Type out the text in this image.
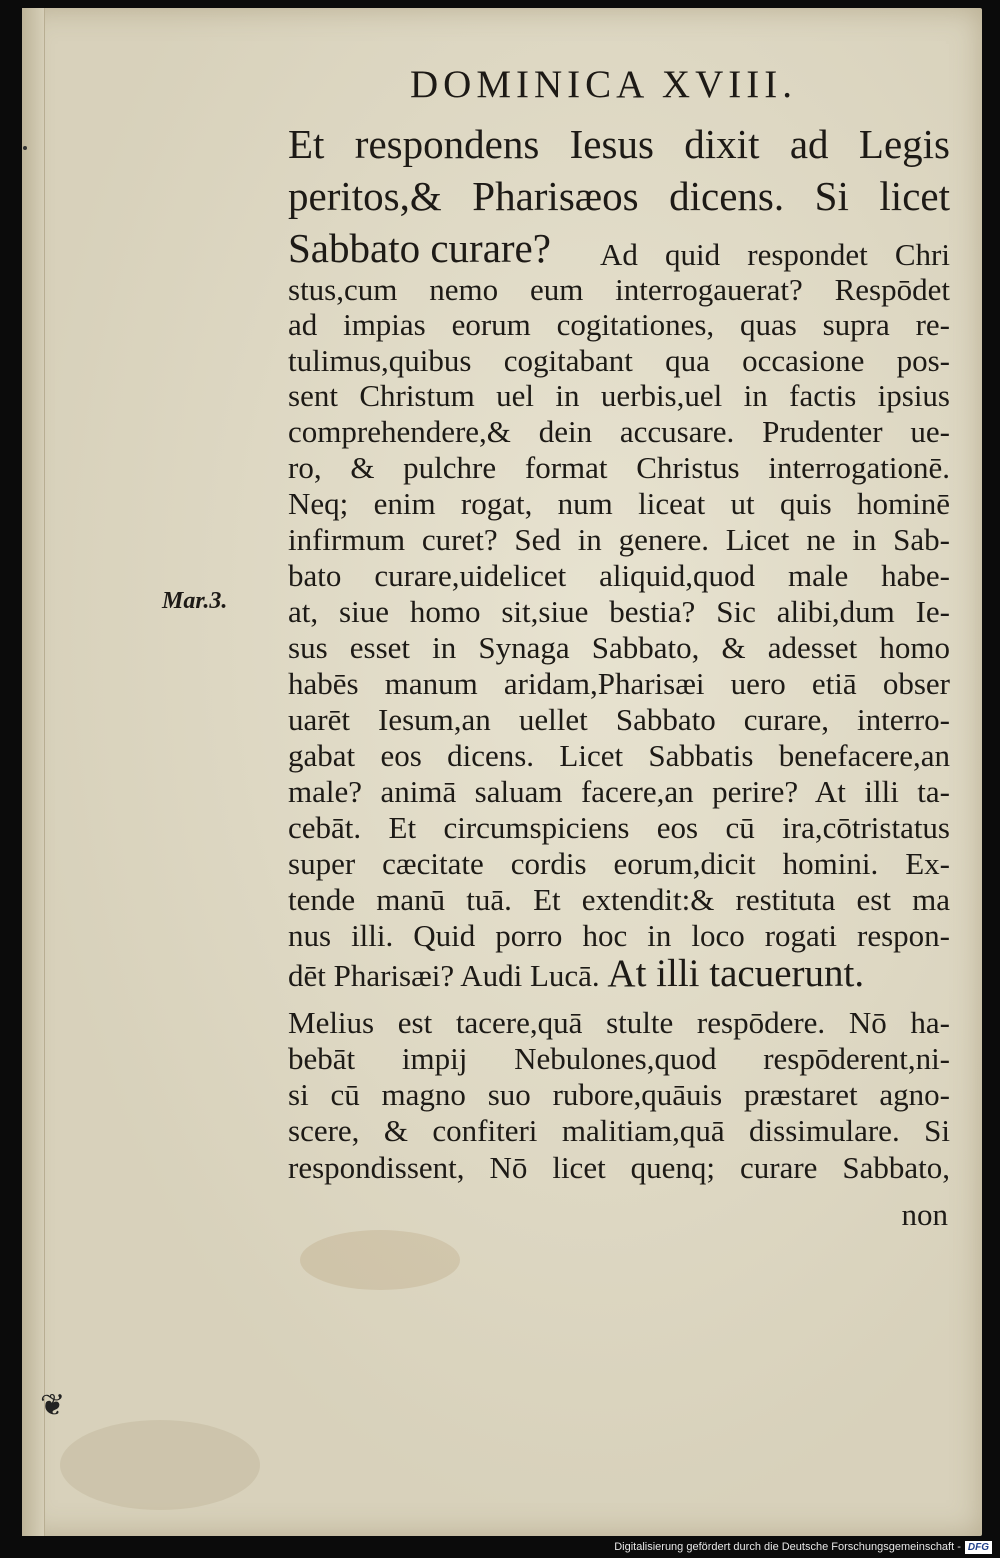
❦
DOMINICA XVIII.

Et respondens Iesus dixit ad Legis peritos,& Pharisæos dicens. Si licet Sabbato curare?	Ad quid respondet Chri

stus,cum nemo eum interrogauerat? Respōdet

ad impias eorum cogitationes, quas supra re-

tulimus,quibus cogitabant qua occasione pos-

sent Christum uel in uerbis,uel in factis ipsius

comprehendere,& dein accusare. Prudenter ue-

ro, & pulchre format Christus interrogationē.

Neq; enim rogat, num liceat ut quis hominē

infirmum curet? Sed in genere. Licet ne in Sab-

bato curare,uidelicet aliquid,quod male habe-

at, siue homo sit,siue bestia? Sic alibi,dum Ie-

sus esset in Synaga Sabbato, & adesset homo

habēs manum aridam,Pharisæi uero etiā obser

uarēt Iesum,an uellet Sabbato curare, interro-

gabat eos dicens. Licet Sabbatis benefacere,an

male? animā saluam facere,an perire? At illi ta-

cebāt. Et circumspiciens eos cū ira,cōtristatus

super cæcitate cordis eorum,dicit homini. Ex-

tende manū tuā. Et extendit:& restituta est ma

nus illi. Quid porro hoc in loco rogati respon-

dēt Pharisæi? Audi Lucā. At illi tacuerunt.

Melius est tacere,quā stulte respōdere. Nō ha-

bebāt impij Nebulones,quod respōderent,ni-

si cū magno suo rubore,quāuis præstaret agno-

scere, & confiteri malitiam,quā dissimulare. Si

respondissent, Nō licet quenq; curare Sabbato,

non
Mar.3.
Digitalisierung gefördert durch die Deutsche Forschungsgemeinschaft - DFG
